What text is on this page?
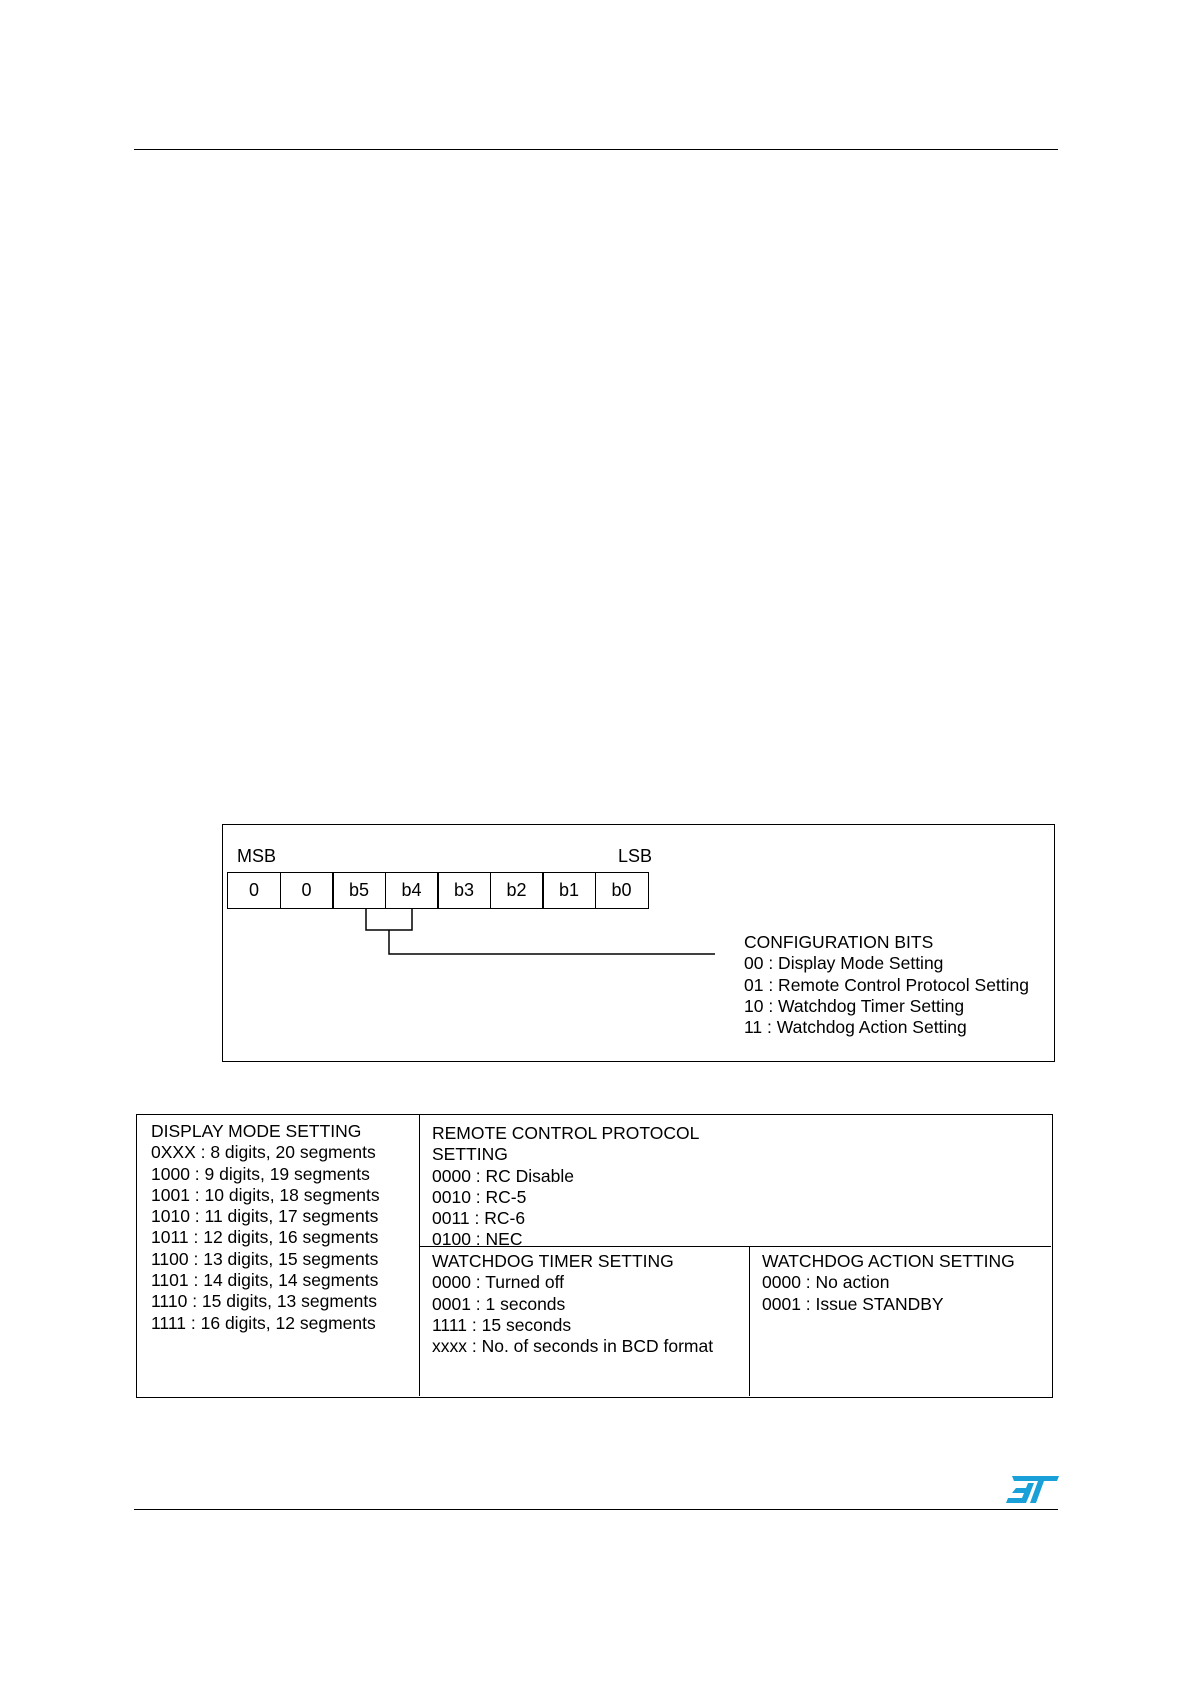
MSB	LSB
0	0	b5	b4	b3	b2	b1	b0
CONFIGURATION BITS
00 : Display Mode Setting
01 : Remote Control Protocol Setting
10 : Watchdog Timer Setting
11 : Watchdog Action Setting
DISPLAY MODE SETTING
0XXX : 8 digits, 20 segments
1000 : 9 digits, 19 segments
1001 : 10 digits, 18 segments
1010 : 11 digits, 17 segments
1011 : 12 digits, 16 segments
1100 : 13 digits, 15 segments
1101 : 14 digits, 14 segments
1110 : 15 digits, 13 segments
1111 : 16 digits, 12 segments
REMOTE CONTROL PROTOCOL
SETTING
0000 : RC Disable
0010 : RC-5
0011 : RC-6
0100 : NEC
WATCHDOG TIMER SETTING
0000 : Turned off
0001 : 1 seconds
1111 : 15 seconds
xxxx : No. of seconds in BCD format
WATCHDOG ACTION SETTING
0000 : No action
0001 : Issue STANDBY
